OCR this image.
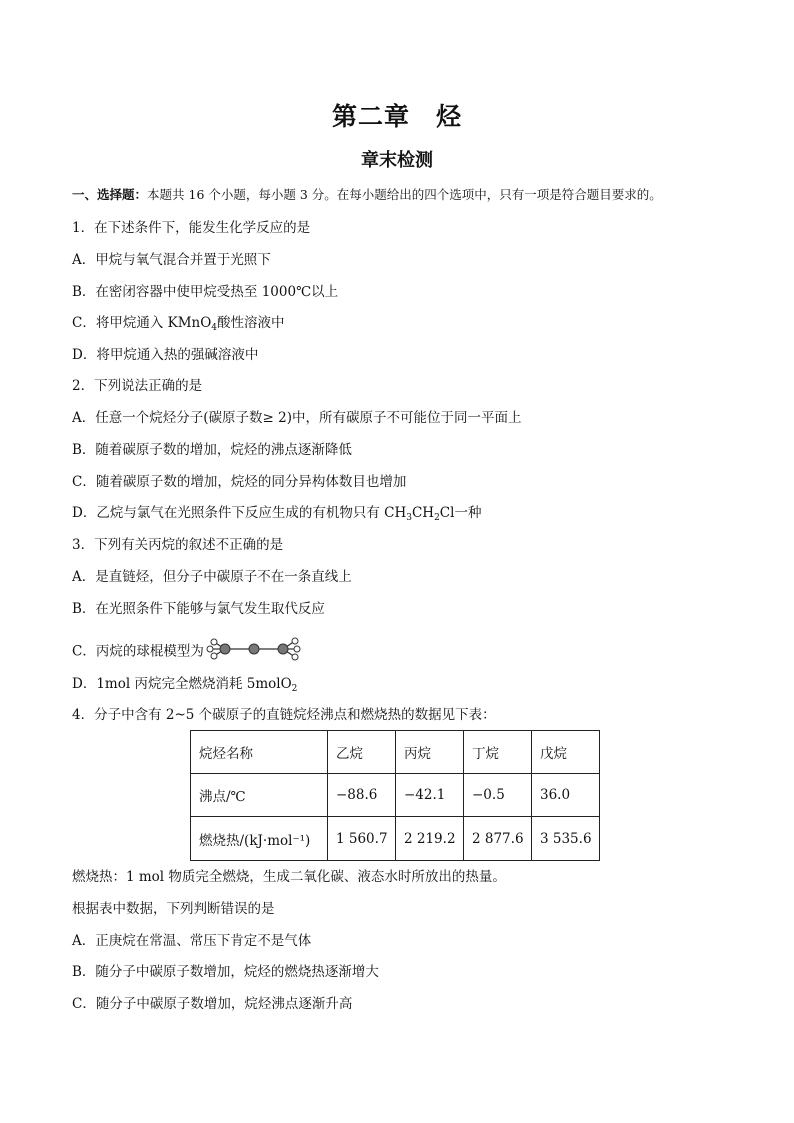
第二章　烃
章末检测
一、选择题：本题共 16 个小题，每小题 3 分。在每小题给出的四个选项中，只有一项是符合题目要求的。
1．在下述条件下，能发生化学反应的是
A．甲烷与氧气混合并置于光照下
B．在密闭容器中使甲烷受热至 1000℃以上
C．将甲烷通入 KMnO$_4$酸性溶液中
D．将甲烷通入热的强碱溶液中
2．下列说法正确的是
A．任意一个烷烃分子(碳原子数≥ 2)中，所有碳原子不可能位于同一平面上
B．随着碳原子数的增加，烷烃的沸点逐渐降低
C．随着碳原子数的增加，烷烃的同分异构体数目也增加
D．乙烷与氯气在光照条件下反应生成的有机物只有 $CH_3CH_2Cl$一种
3．下列有关丙烷的叙述不正确的是
A．是直链烃，但分子中碳原子不在一条直线上
B．在光照条件下能够与氯气发生取代反应
C．丙烷的球棍模型为
D．1mol 丙烷完全燃烧消耗 5molO$_2$
4．分子中含有 2~5 个碳原子的直链烷烃沸点和燃烧热的数据见下表：
烷烃名称	乙烷	丙烷	丁烷	戊烷
沸点/℃	−88.6	−42.1	−0.5	36.0
燃烧热/(kJ·mol⁻¹)	1 560.7	2 219.2	2 877.6	3 535.6
燃烧热：1 mol 物质完全燃烧，生成二氧化碳、液态水时所放出的热量。
根据表中数据，下列判断错误的是
A．正庚烷在常温、常压下肯定不是气体
B．随分子中碳原子数增加，烷烃的燃烧热逐渐增大
C．随分子中碳原子数增加，烷烃沸点逐渐升高
